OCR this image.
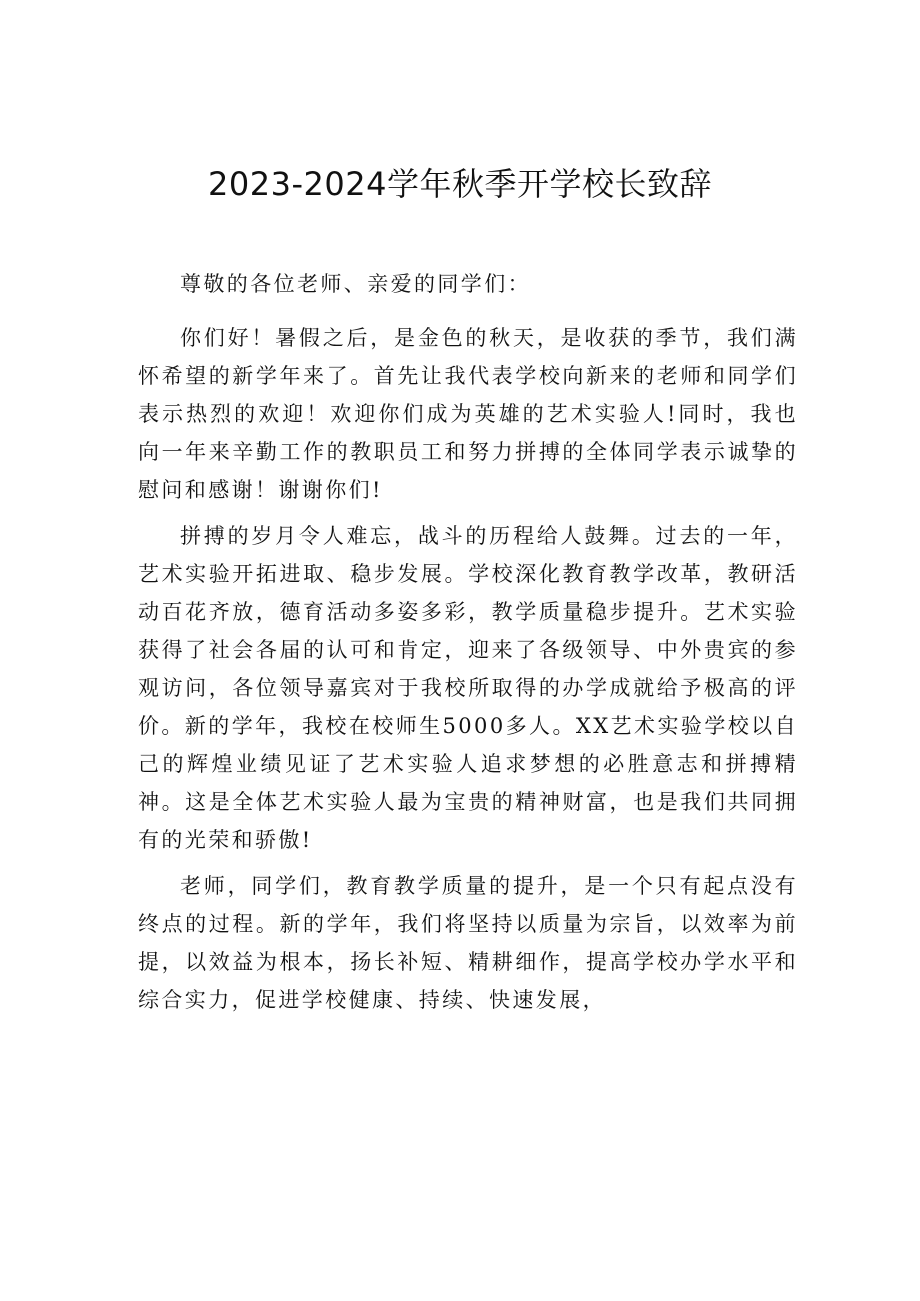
2023-2024学年秋季开学校长致辞

尊敬的各位老师、亲爱的同学们：

你们好！暑假之后，是金色的秋天，是收获的季节，我们满怀希望的新学年来了。首先让我代表学校向新来的老师和同学们表示热烈的欢迎！欢迎你们成为英雄的艺术实验人!同时，我也向一年来辛勤工作的教职员工和努力拼搏的全体同学表示诚挚的慰问和感谢！谢谢你们!

拼搏的岁月令人难忘，战斗的历程给人鼓舞。过去的一年，艺术实验开拓进取、稳步发展。学校深化教育教学改革，教研活动百花齐放，德育活动多姿多彩，教学质量稳步提升。艺术实验获得了社会各届的认可和肯定，迎来了各级领导、中外贵宾的参观访问，各位领导嘉宾对于我校所取得的办学成就给予极高的评价。新的学年，我校在校师生5000多人。XX艺术实验学校以自己的辉煌业绩见证了艺术实验人追求梦想的必胜意志和拼搏精神。这是全体艺术实验人最为宝贵的精神财富，也是我们共同拥有的光荣和骄傲!

老师，同学们，教育教学质量的提升，是一个只有起点没有终点的过程。新的学年，我们将坚持以质量为宗旨，以效率为前提，以效益为根本，扬长补短、精耕细作，提高学校办学水平和综合实力，促进学校健康、持续、快速发展，
